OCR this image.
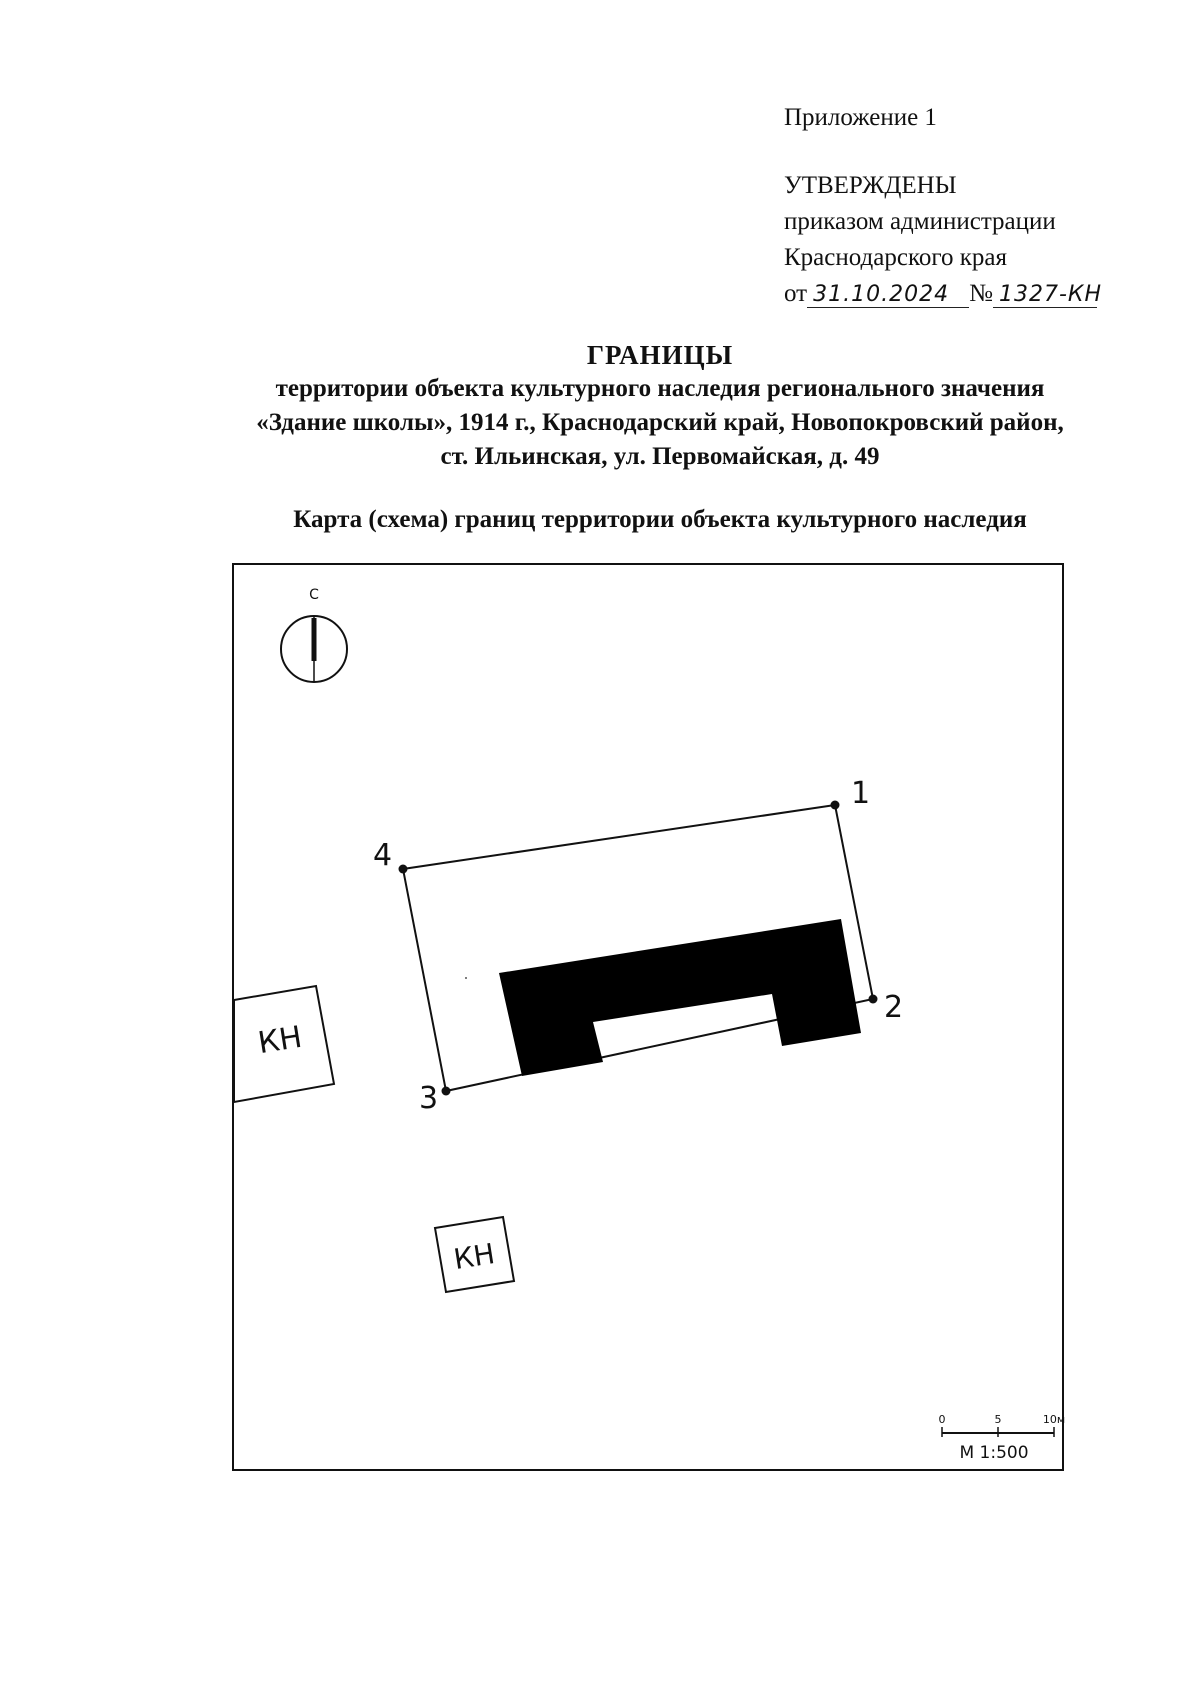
Приложение 1
УТВЕРЖДЕНЫ
приказом администрации
Краснодарского края
от 31.10.2024 № 1327-КН
ГРАНИЦЫ
территории объекта культурного наследия регионального значения
«Здание школы», 1914 г., Краснодарский край, Новопокровский район,
ст. Ильинская, ул. Первомайская, д. 49
Карта (схема) границ территории объекта культурного наследия
С
1
2
3
4
КН
КН
0	5	10м
М 1:500
